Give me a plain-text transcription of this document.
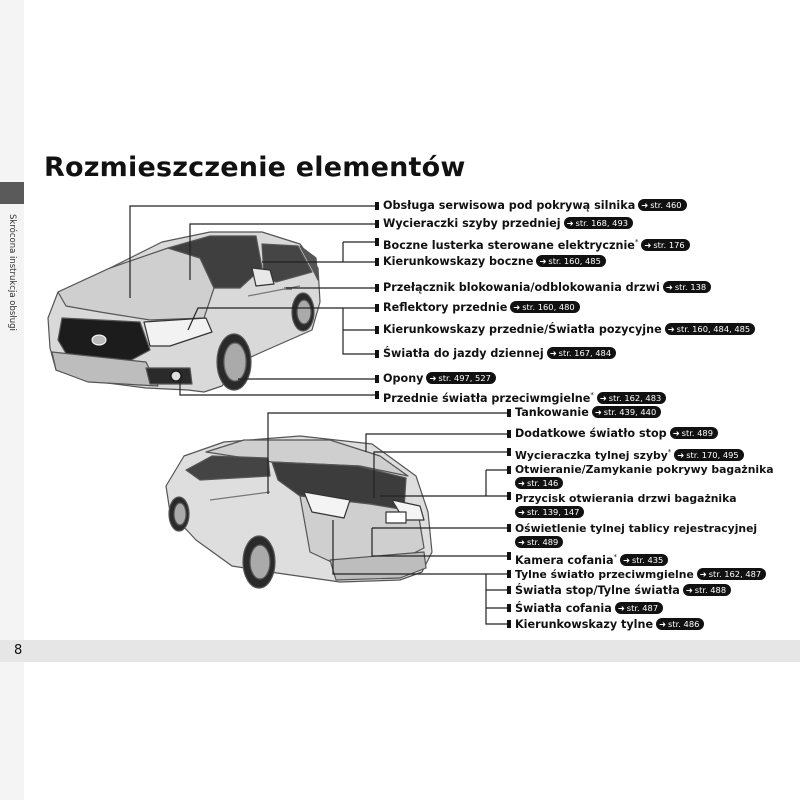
Skrócona instrukcja obsługi
Rozmieszczenie elementów
Obsługa serwisowa pod pokrywą silnika ➜ str. 460
Wycieraczki szyby przedniej ➜ str. 168, 493
Boczne lusterka sterowane elektrycznie* ➜ str. 176
Kierunkowskazy boczne ➜ str. 160, 485
Przełącznik blokowania/odblokowania drzwi ➜ str. 138
Reflektory przednie ➜ str. 160, 480
Kierunkowskazy przednie/Światła pozycyjne ➜ str. 160, 484, 485
Światła do jazdy dziennej ➜ str. 167, 484
Opony ➜ str. 497, 527
Przednie światła przeciwmgielne* ➜ str. 162, 483
Tankowanie ➜ str. 439, 440
Dodatkowe światło stop ➜ str. 489
Wycieraczka tylnej szyby* ➜ str. 170, 495
Otwieranie/Zamykanie pokrywy bagażnika
➜ str. 146
Przycisk otwierania drzwi bagażnika
➜ str. 139, 147
Oświetlenie tylnej tablicy rejestracyjnej
➜ str. 489
Kamera cofania* ➜ str. 435
Tylne światło przeciwmgielne ➜ str. 162, 487
Światła stop/Tylne światła ➜ str. 488
Światła cofania ➜ str. 487
Kierunkowskazy tylne ➜ str. 486
8
